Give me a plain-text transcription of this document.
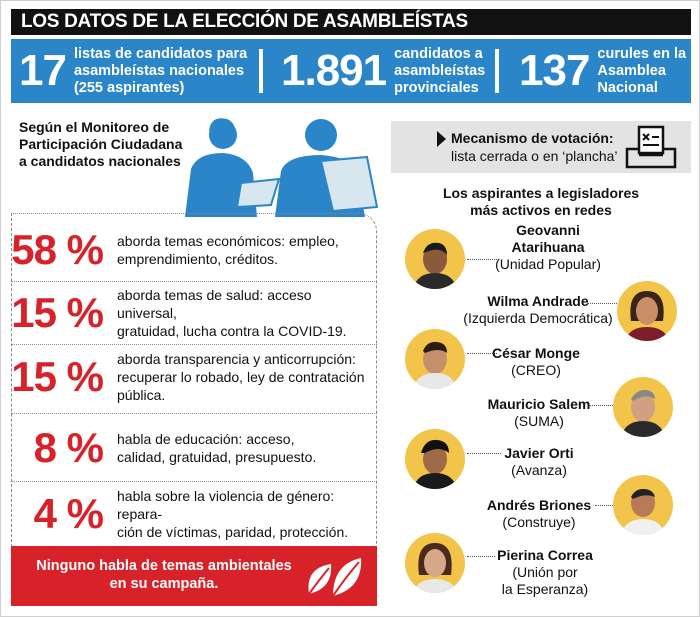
LOS DATOS DE LA ELECCIÓN DE ASAMBLEÍSTAS
17 listas de candidatos para
asambleístas nacionales
(255 aspirantes)	1.891 candidatos a
asambleístas
provinciales 137 curules en la
Asamblea
Nacional
Según el Monitoreo de
Participación Ciudadana
a candidatos nacionales
58 %	aborda temas económicos: empleo,
emprendimiento, créditos.
15 %	aborda temas de salud: acceso universal,
gratuidad, lucha contra la COVID-19.
15 %	aborda transparencia y anticorrupción:
recuperar lo robado, ley de contratación
pública.
8 %	habla de educación: acceso,
calidad, gratuidad, presupuesto.
4 %	habla sobre la violencia de género: repara-
ción de víctimas, paridad, protección.
Ninguno habla de temas ambientales
en su campaña.
Mecanismo de votación:
lista cerrada o en ‘plancha’
Los aspirantes a legisladores
más activos en redes
Geovanni
Atarihuana
(Unidad Popular)
Wilma Andrade
(Izquierda Democrática)
César Monge
(CREO)
Mauricio Salem
(SUMA)
Javier Orti
(Avanza)
Andrés Briones
(Construye)
Pierina Correa
(Unión por
la Esperanza)
